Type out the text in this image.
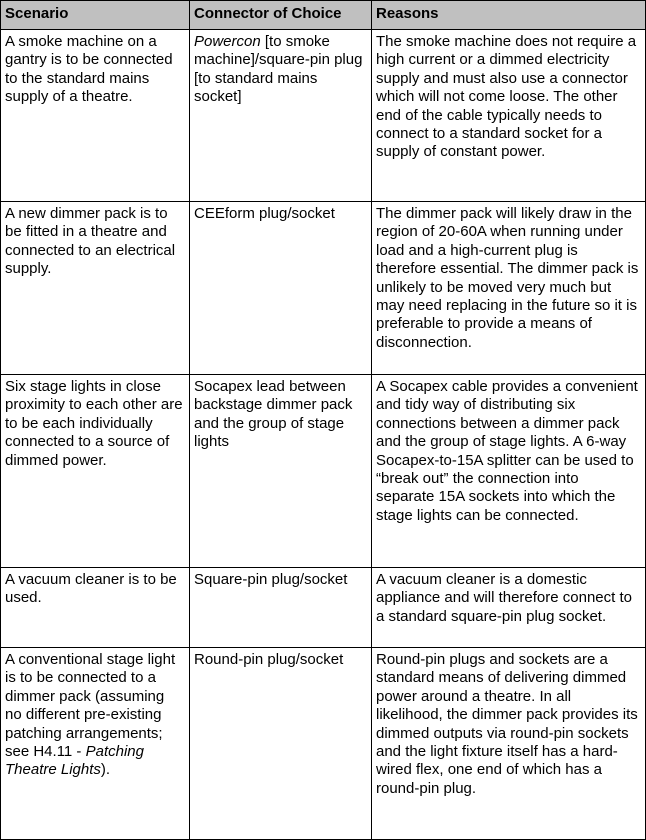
Scenario	Connector of Choice	Reasons
A smoke machine on a gantry is to be connected to the standard mains supply of a theatre.	Powercon [to smoke machine]/square-pin plug [to standard mains socket]	The smoke machine does not require a high current or a dimmed electricity supply and must also use a connector which will not come loose. The other end of the cable typically needs to connect to a standard socket for a supply of constant power.
A new dimmer pack is to be fitted in a theatre and connected to an electrical supply.	CEEform plug/socket	The dimmer pack will likely draw in the region of 20-60A when running under load and a high-current plug is therefore essential. The dimmer pack is unlikely to be moved very much but may need replacing in the future so it is preferable to provide a means of disconnection.
Six stage lights in close proximity to each other are to be each individually connected to a source of dimmed power.	Socapex lead between backstage dimmer pack and the group of stage lights	A Socapex cable provides a convenient and tidy way of distributing six connections between a dimmer pack and the group of stage lights. A 6-way Socapex-to-15A splitter can be used to “break out” the connection into separate 15A sockets into which the stage lights can be connected.
A vacuum cleaner is to be used.	Square-pin plug/socket	A vacuum cleaner is a domestic appliance and will therefore connect to a standard square-pin plug socket.
A conventional stage light is to be connected to a dimmer pack (assuming no different pre-existing patching arrangements; see H4.11 - Patching Theatre Lights).	Round-pin plug/socket	Round-pin plugs and sockets are a standard means of delivering dimmed power around a theatre. In all likelihood, the dimmer pack provides its dimmed outputs via round-pin sockets and the light fixture itself has a hard-wired flex, one end of which has a round-pin plug.
